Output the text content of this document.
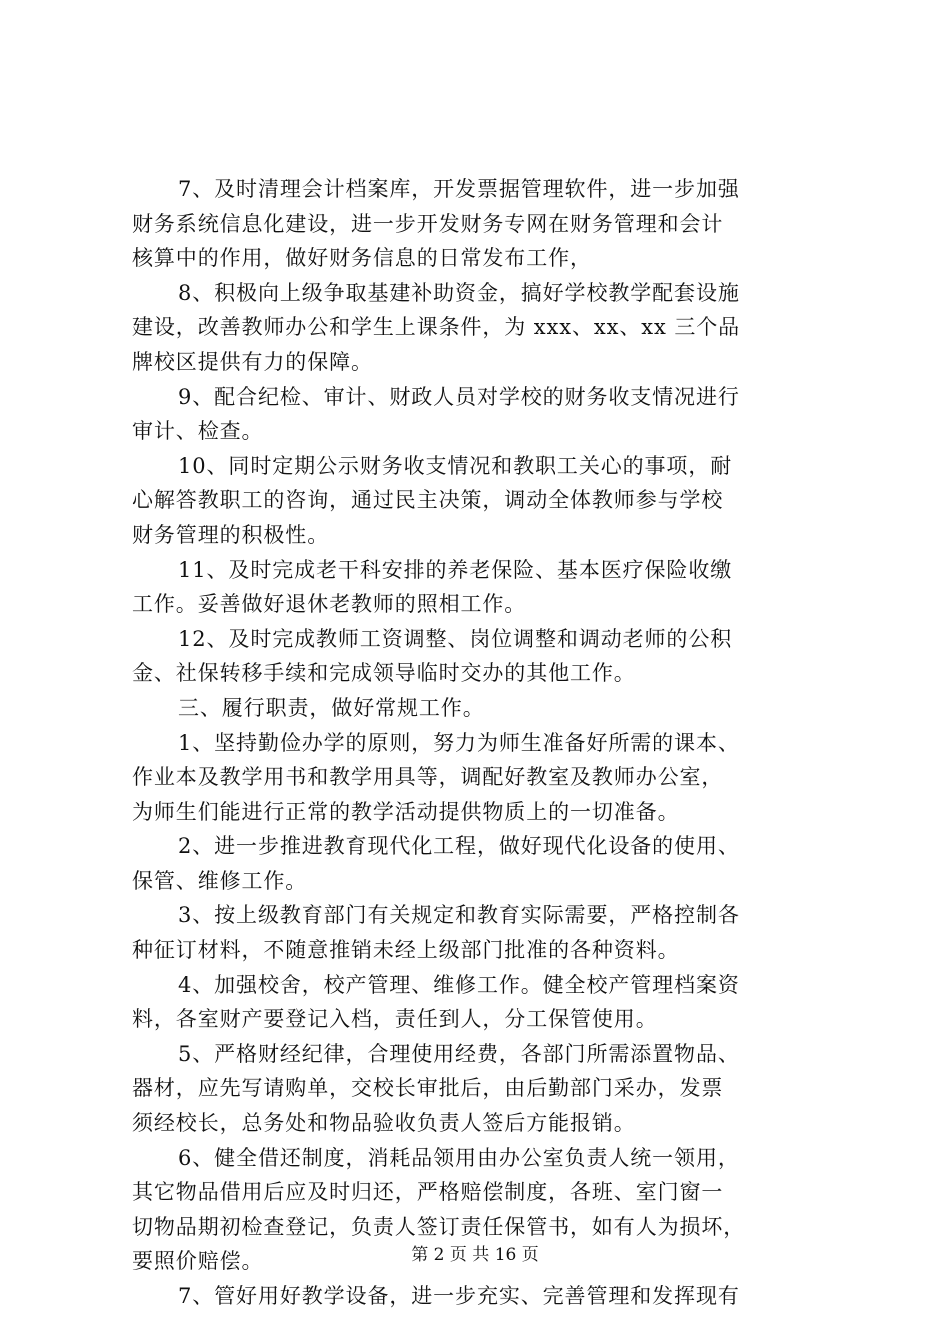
7、及时清理会计档案库，开发票据管理软件，进一步加强
财务系统信息化建设，进一步开发财务专网在财务管理和会计
核算中的作用，做好财务信息的日常发布工作，
8、积极向上级争取基建补助资金，搞好学校教学配套设施
建设，改善教师办公和学生上课条件，为 xxx、xx、xx 三个品
牌校区提供有力的保障。
9、配合纪检、审计、财政人员对学校的财务收支情况进行
审计、检查。
10、同时定期公示财务收支情况和教职工关心的事项，耐
心解答教职工的咨询，通过民主决策，调动全体教师参与学校
财务管理的积极性。
11、及时完成老干科安排的养老保险、基本医疗保险收缴
工作。妥善做好退休老教师的照相工作。
12、及时完成教师工资调整、岗位调整和调动老师的公积
金、社保转移手续和完成领导临时交办的其他工作。
三、履行职责，做好常规工作。
1、坚持勤俭办学的原则，努力为师生准备好所需的课本、
作业本及教学用书和教学用具等，调配好教室及教师办公室，
为师生们能进行正常的教学活动提供物质上的一切准备。
2、进一步推进教育现代化工程，做好现代化设备的使用、
保管、维修工作。
3、按上级教育部门有关规定和教育实际需要，严格控制各
种征订材料，不随意推销未经上级部门批准的各种资料。
4、加强校舍，校产管理、维修工作。健全校产管理档案资
料，各室财产要登记入档，责任到人，分工保管使用。
5、严格财经纪律，合理使用经费，各部门所需添置物品、
器材，应先写请购单，交校长审批后，由后勤部门采办，发票
须经校长，总务处和物品验收负责人签后方能报销。
6、健全借还制度，消耗品领用由办公室负责人统一领用，
其它物品借用后应及时归还，严格赔偿制度，各班、室门窗一
切物品期初检查登记，负责人签订责任保管书，如有人为损坏，
要照价赔偿。
7、管好用好教学设备，进一步充实、完善管理和发挥现有
第 2 页 共 16 页
